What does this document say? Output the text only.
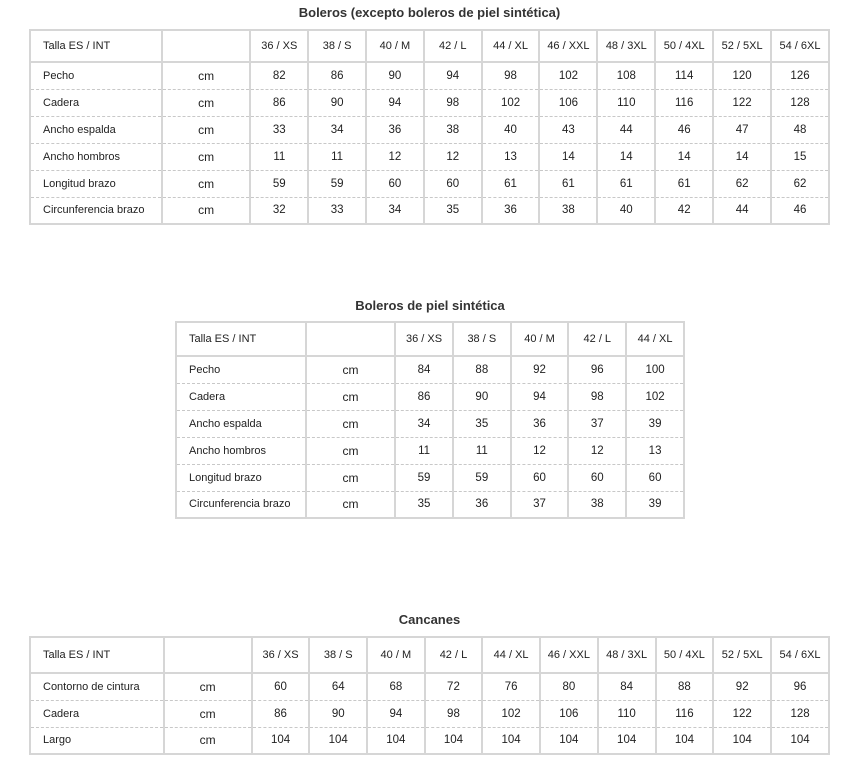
Boleros (excepto boleros de piel sintética)
Talla ES / INT		36 / XS	38 / S	40 / M	42 / L	44 / XL	46 / XXL	48 / 3XL	50 / 4XL	52 / 5XL	54 / 6XL
Pecho	cm	82	86	90	94	98	102	108	114	120	126
Cadera	cm	86	90	94	98	102	106	110	116	122	128
Ancho espalda	cm	33	34	36	38	40	43	44	46	47	48
Ancho hombros	cm	11	11	12	12	13	14	14	14	14	15
Longitud brazo	cm	59	59	60	60	61	61	61	61	62	62
Circunferencia brazo	cm	32	33	34	35	36	38	40	42	44	46
Boleros de piel sintética
Talla ES / INT		36 / XS	38 / S	40 / M	42 / L	44 / XL
Pecho	cm	84	88	92	96	100
Cadera	cm	86	90	94	98	102
Ancho espalda	cm	34	35	36	37	39
Ancho hombros	cm	11	11	12	12	13
Longitud brazo	cm	59	59	60	60	60
Circunferencia brazo	cm	35	36	37	38	39
Cancanes
Talla ES / INT		36 / XS	38 / S	40 / M	42 / L	44 / XL	46 / XXL	48 / 3XL	50 / 4XL	52 / 5XL	54 / 6XL
Contorno de cintura	cm	60	64	68	72	76	80	84	88	92	96
Cadera	cm	86	90	94	98	102	106	110	116	122	128
Largo	cm	104	104	104	104	104	104	104	104	104	104
